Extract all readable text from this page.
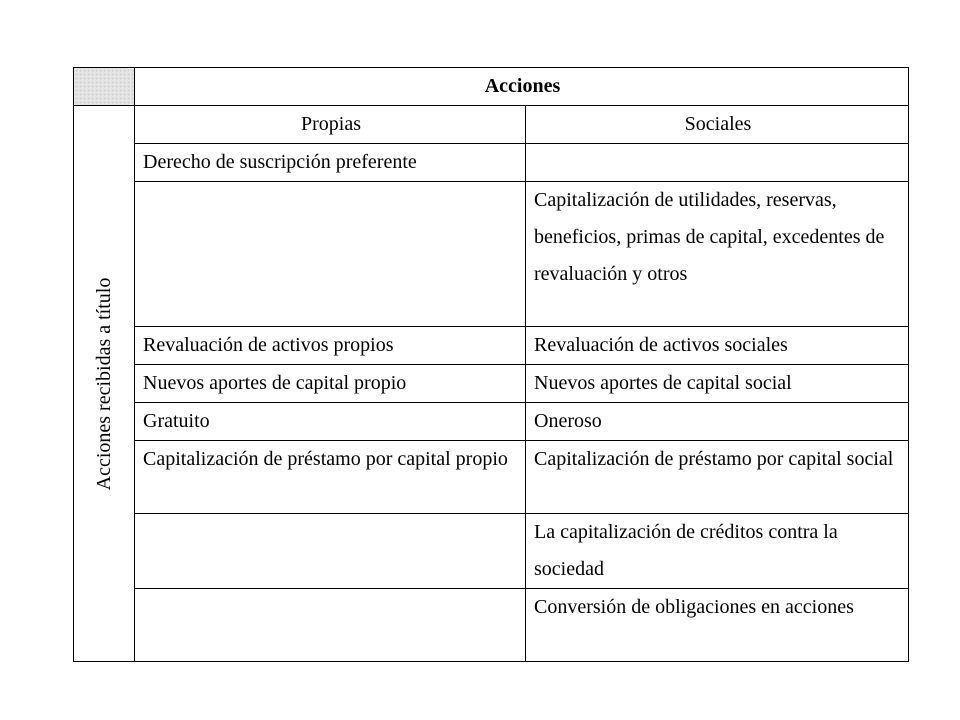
	Acciones	

Acciones recibidas a título	Propias	Sociales
	Derecho de suscripción preferente	
		Capitalización de utilidades, reservas, beneficios, primas de capital, excedentes de revaluación y otros
	Revaluación de activos propios	Revaluación de activos sociales
	Nuevos aportes de capital propio	Nuevos aportes de capital social
	Gratuito	Oneroso
	Capitalización de préstamo por capital propio	Capitalización de préstamo por capital social
		La capitalización de créditos contra la sociedad
		Conversión de obligaciones en acciones
